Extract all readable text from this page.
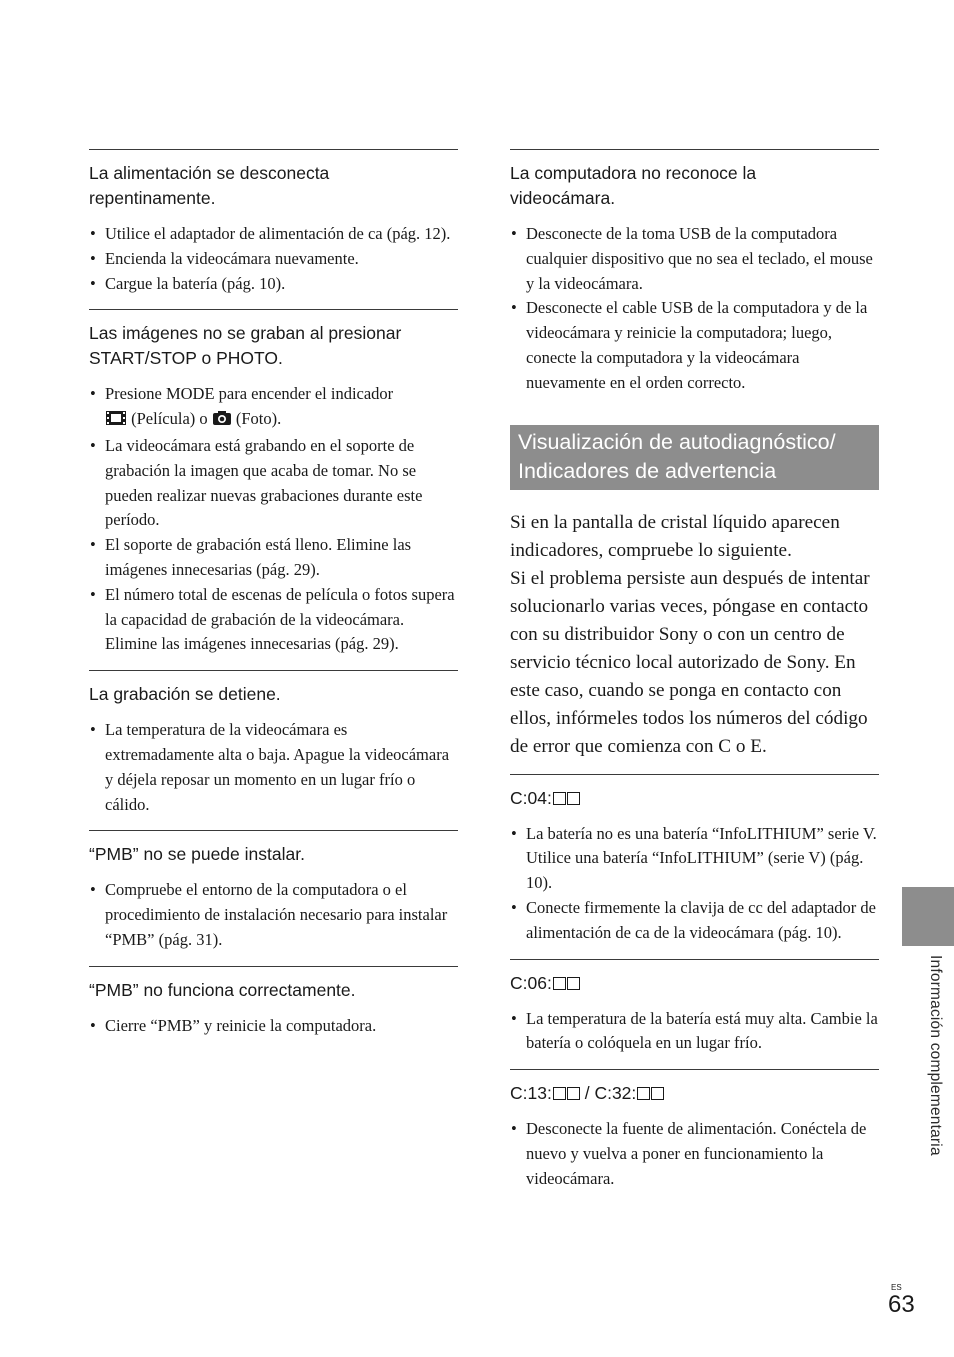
La alimentación se desconecta
repentinamente.
• Utilice el adaptador de alimentación de ca (pág. 12).
• Encienda la videocámara nuevamente.
• Cargue la batería (pág. 10).
Las imágenes no se graban al presionar
START/STOP o PHOTO.
• Presione MODE para encender el indicador
(Película) o (Foto).
• La videocámara está grabando en el soporte de grabación la imagen que acaba de tomar. No se pueden realizar nuevas grabaciones durante este período.
• El soporte de grabación está lleno. Elimine las imágenes innecesarias (pág. 29).
• El número total de escenas de película o fotos supera la capacidad de grabación de la videocámara. Elimine las imágenes innecesarias (pág. 29).
La grabación se detiene.
• La temperatura de la videocámara es extremadamente alta o baja. Apague la videocámara y déjela reposar un momento en un lugar frío o cálido.
“PMB” no se puede instalar.
• Compruebe el entorno de la computadora o el procedimiento de instalación necesario para instalar “PMB” (pág. 31).
“PMB” no funciona correctamente.
• Cierre “PMB” y reinicie la computadora.
La computadora no reconoce la
videocámara.
• Desconecte de la toma USB de la computadora cualquier dispositivo que no sea el teclado, el mouse y la videocámara.
• Desconecte el cable USB de la computadora y de la videocámara y reinicie la computadora; luego, conecte la computadora y la videocámara nuevamente en el orden correcto.
Visualización de autodiagnóstico/
Indicadores de advertencia

Si en la pantalla de cristal líquido aparecen indicadores, compruebe lo siguiente.

Si el problema persiste aun después de intentar solucionarlo varias veces, póngase en contacto con su distribuidor Sony o con un centro de servicio técnico local autorizado de Sony. En este caso, cuando se ponga en contacto con ellos, infórmeles todos los números del código de error que comienza con C o E.

C:04:
• La batería no es una batería “InfoLITHIUM” serie V. Utilice una batería “InfoLITHIUM” (serie V) (pág. 10).
• Conecte firmemente la clavija de cc del adaptador de alimentación de ca de la videocámara (pág. 10).
C:06:
• La temperatura de la batería está muy alta. Cambie la batería o colóquela en un lugar frío.
C:13: / C:32:
• Desconecte la fuente de alimentación. Conéctela de nuevo y vuelva a poner en funcionamiento la videocámara.
Información complementaria
ES
63
